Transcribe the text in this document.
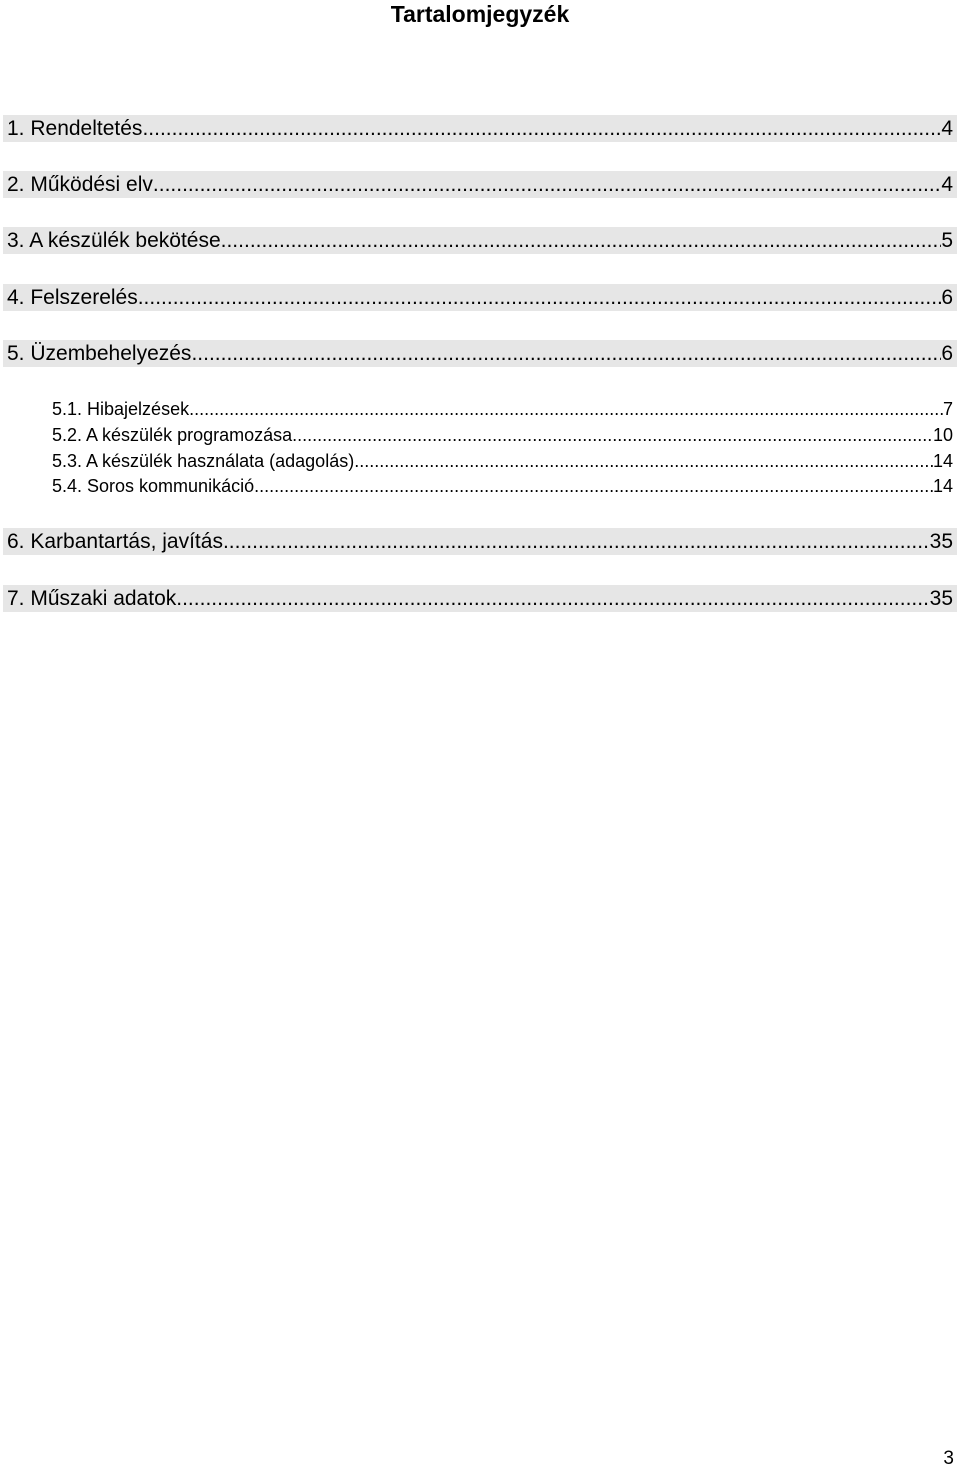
Tartalomjegyzék
1. Rendeltetés .....	4
2. Működési elv .....	4
3. A készülék bekötése .....	5
4. Felszerelés .....	6
5. Üzembehelyezés .....	6
5.1. Hibajelzések .....	7
5.2. A készülék programozása .....	10
5.3. A készülék használata (adagolás) .....	14
5.4. Soros kommunikáció .....	14
6. Karbantartás, javítás .....	35
7. Műszaki adatok .....	35
3
